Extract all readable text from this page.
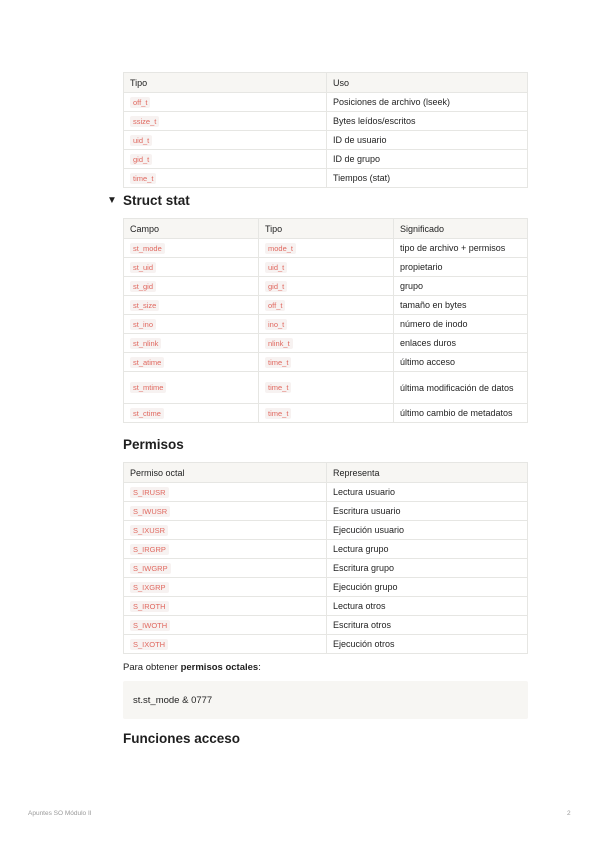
Tipo	Uso
off_t	Posiciones de archivo (lseek)
ssize_t	Bytes leídos/escritos
uid_t	ID de usuario
gid_t	ID de grupo
time_t	Tiempos (stat)
▼ Struct stat
Campo	Tipo	Significado
st_mode	mode_t	tipo de archivo + permisos
st_uid	uid_t	propietario
st_gid	gid_t	grupo
st_size	off_t	tamaño en bytes
st_ino	ino_t	número de inodo
st_nlink	nlink_t	enlaces duros
st_atime	time_t	último acceso
st_mtime	time_t	última modificación de datos
st_ctime	time_t	último cambio de metadatos
Permisos
Permiso octal	Representa
S_IRUSR	Lectura usuario
S_IWUSR	Escritura usuario
S_IXUSR	Ejecución usuario
S_IRGRP	Lectura grupo
S_IWGRP	Escritura grupo
S_IXGRP	Ejecución grupo
S_IROTH	Lectura otros
S_IWOTH	Escritura otros
S_IXOTH	Ejecución otros
Para obtener permisos octales:
st.st_mode & 0777
Funciones acceso
Apuntes SO Módulo II	2
